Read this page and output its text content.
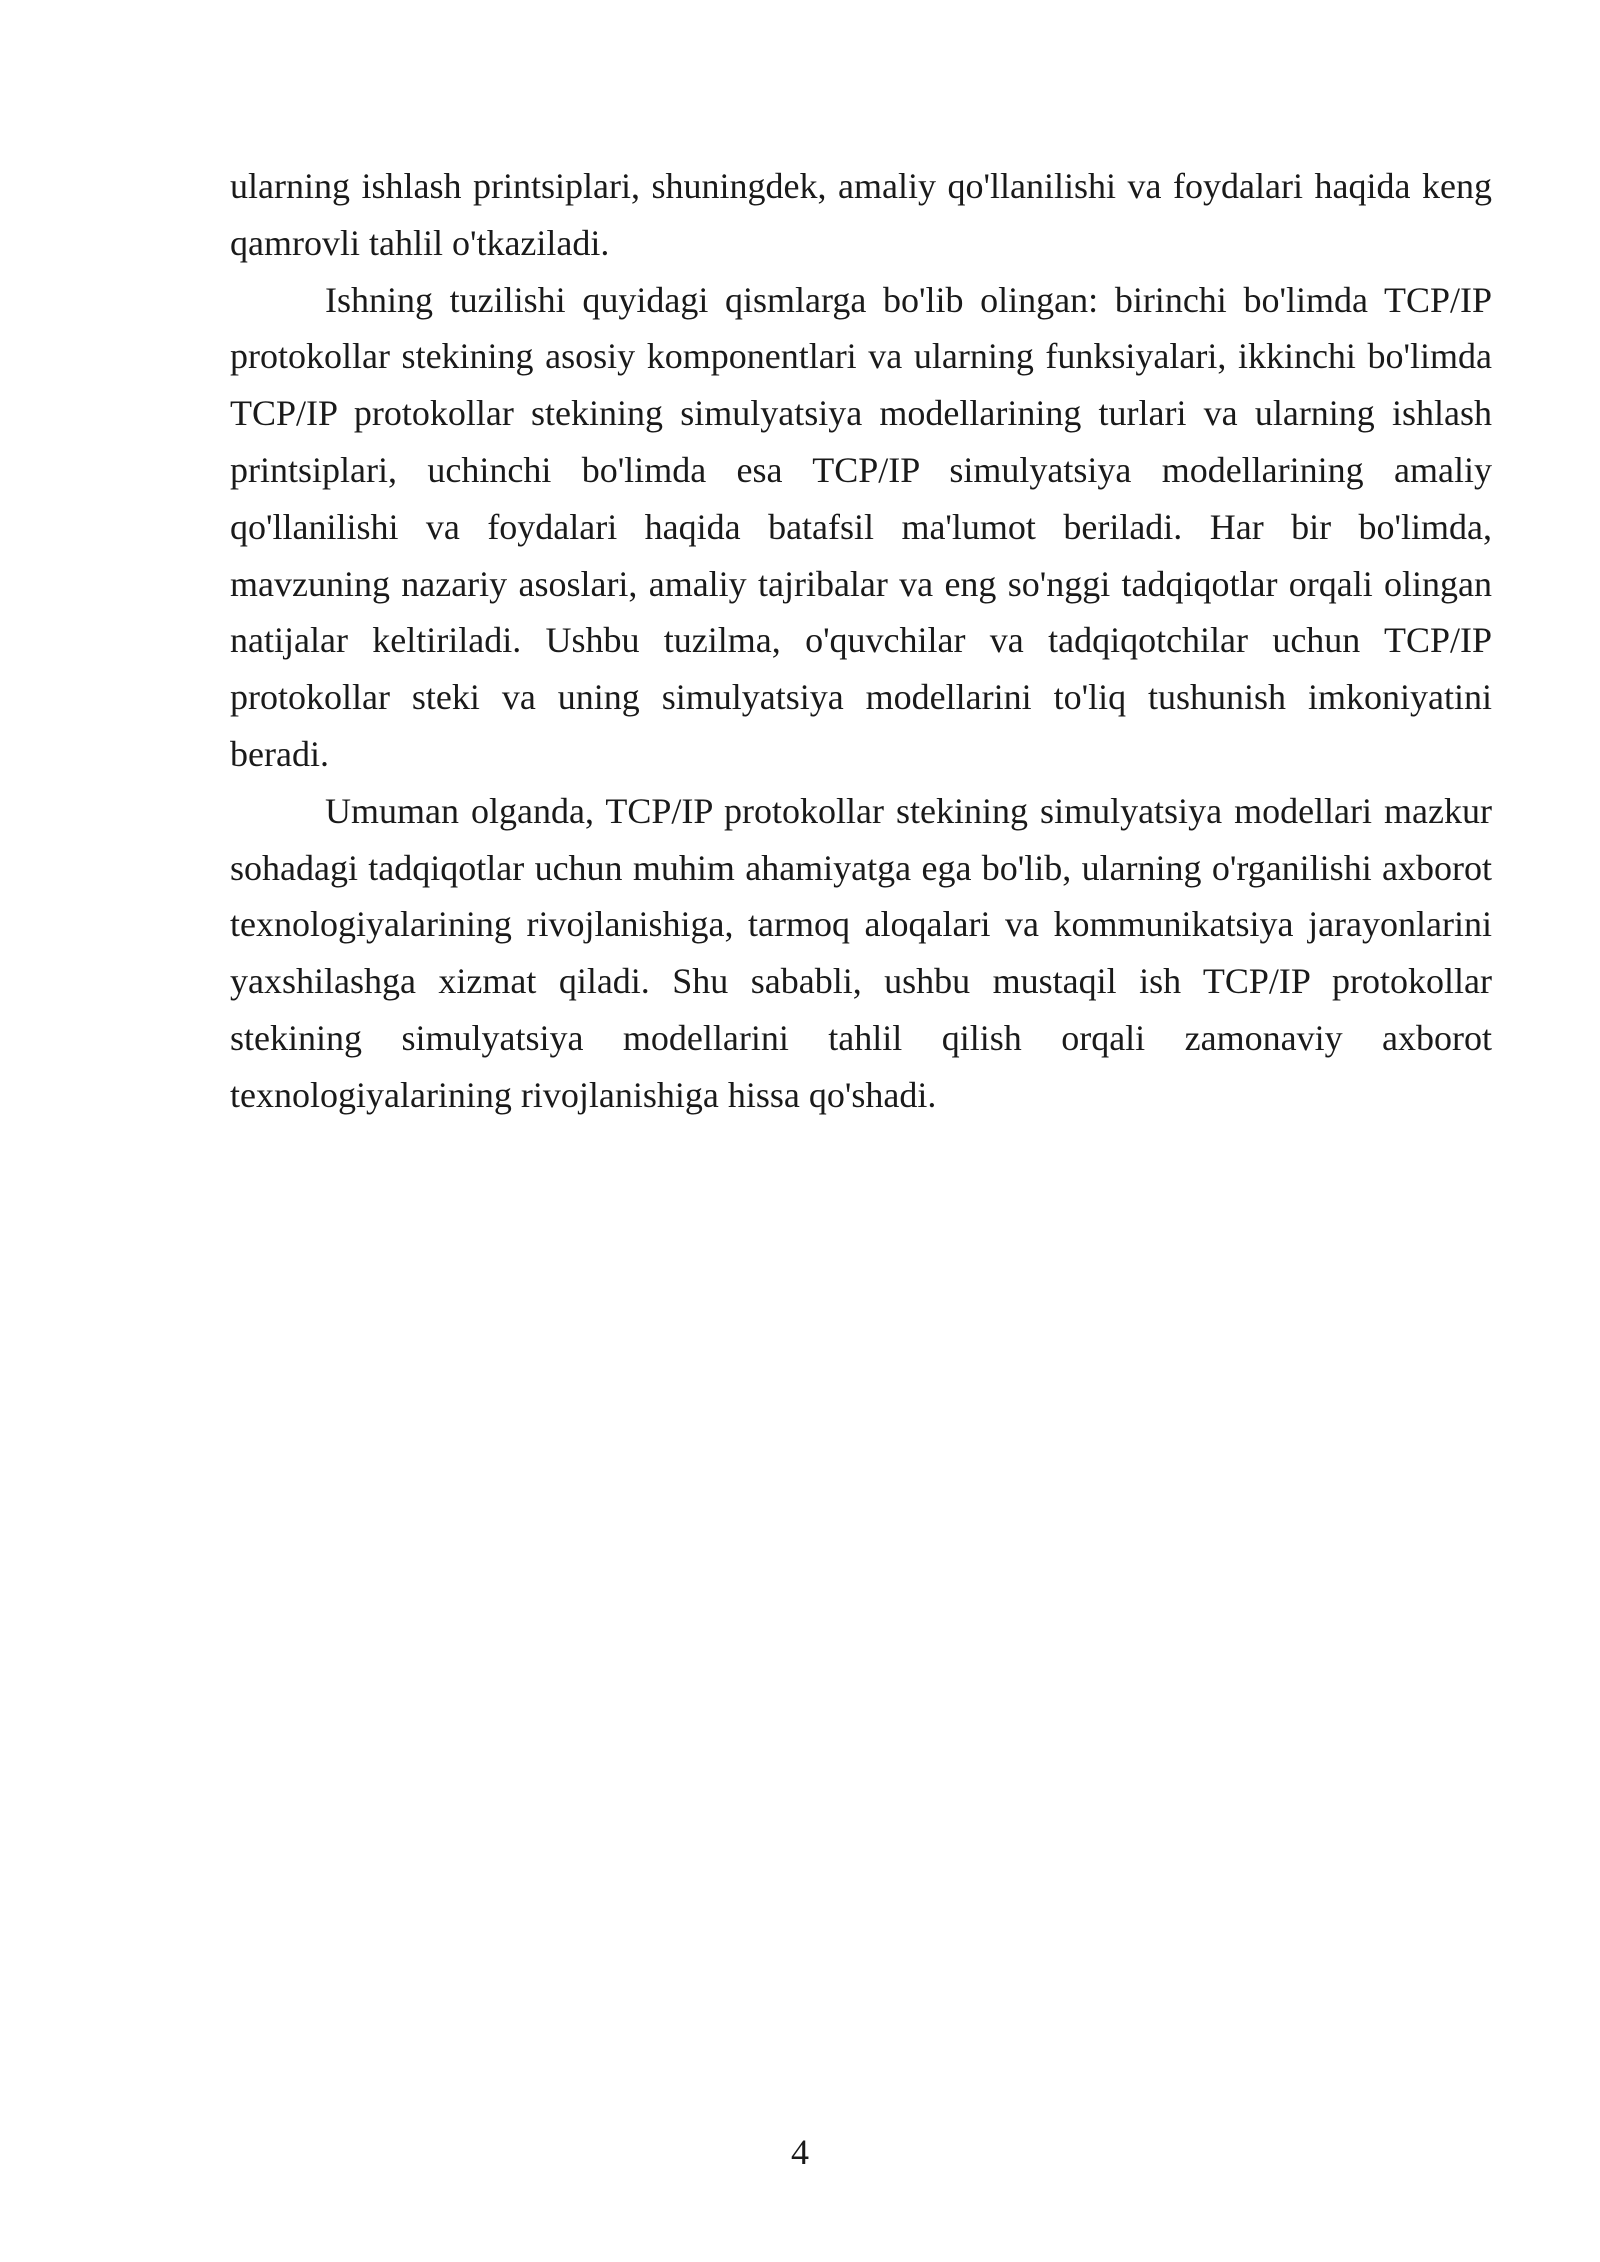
ularning ishlash printsiplari, shuningdek, amaliy qo'llanilishi va foydalari haqida keng qamrovli tahlil o'tkaziladi.

Ishning tuzilishi quyidagi qismlarga bo'lib olingan: birinchi bo'limda TCP/IP protokollar stekining asosiy komponentlari va ularning funksiyalari, ikkinchi bo'limda TCP/IP protokollar stekining simulyatsiya modellarining turlari va ularning ishlash printsiplari, uchinchi bo'limda esa TCP/IP simulyatsiya modellarining amaliy qo'llanilishi va foydalari haqida batafsil ma'lumot beriladi. Har bir bo'limda, mavzuning nazariy asoslari, amaliy tajribalar va eng so'nggi tadqiqotlar orqali olingan natijalar keltiriladi. Ushbu tuzilma, o'quvchilar va tadqiqotchilar uchun TCP/IP protokollar steki va uning simulyatsiya modellarini to'liq tushunish imkoniyatini beradi.

Umuman olganda, TCP/IP protokollar stekining simulyatsiya modellari mazkur sohadagi tadqiqotlar uchun muhim ahamiyatga ega bo'lib, ularning o'rganilishi axborot texnologiyalarining rivojlanishiga, tarmoq aloqalari va kommunikatsiya jarayonlarini yaxshilashga xizmat qiladi. Shu sababli, ushbu mustaqil ish TCP/IP protokollar stekining simulyatsiya modellarini tahlil qilish orqali zamonaviy axborot texnologiyalarining rivojlanishiga hissa qo'shadi.

4
